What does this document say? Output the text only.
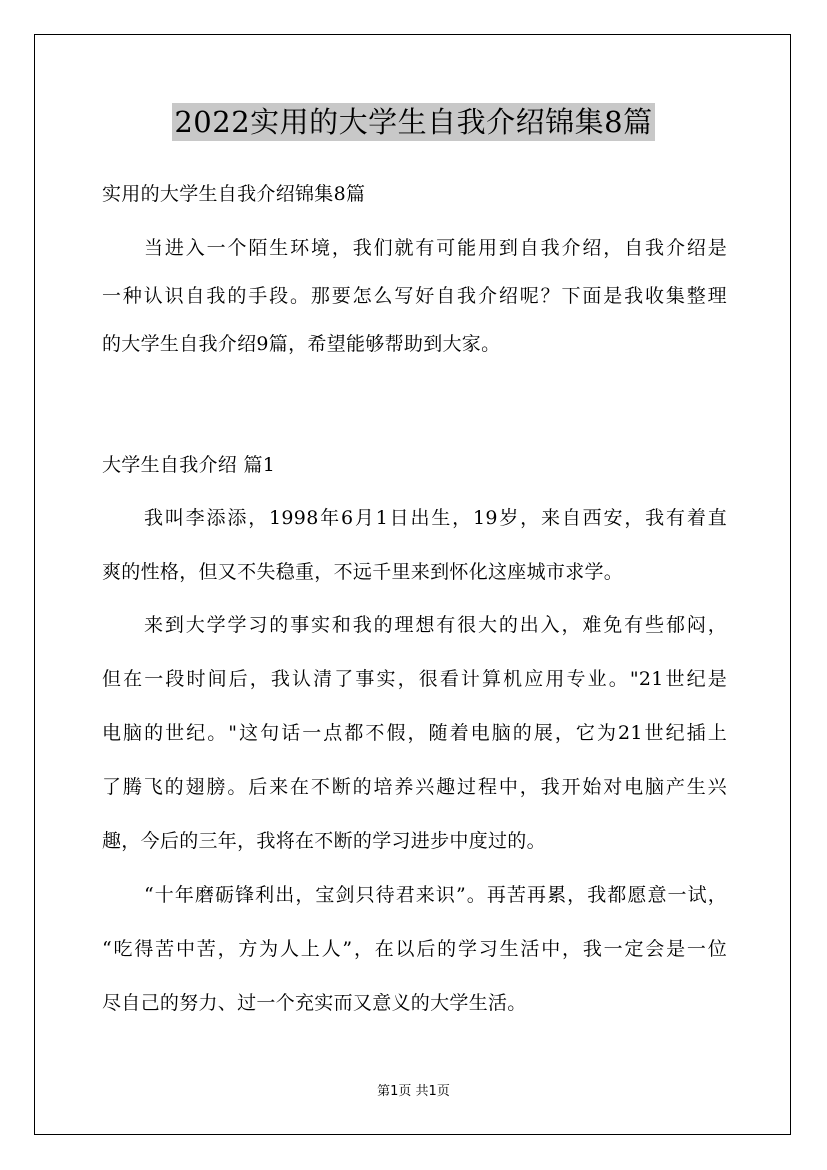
2022实用的大学生自我介绍锦集8篇
实用的大学生自我介绍锦集8篇
当进入一个陌生环境，我们就有可能用到自我介绍，自我介绍是
一种认识自我的手段。那要怎么写好自我介绍呢？下面是我收集整理
的大学生自我介绍9篇，希望能够帮助到大家。
大学生自我介绍 篇1
我叫李添添，1998年6月1日出生，19岁，来自西安，我有着直
爽的性格，但又不失稳重，不远千里来到怀化这座城市求学。
来到大学学习的事实和我的理想有很大的出入，难免有些郁闷，
但在一段时间后，我认清了事实，很看计算机应用专业。"21世纪是
电脑的世纪。"这句话一点都不假，随着电脑的展，它为21世纪插上
了腾飞的翅膀。后来在不断的培养兴趣过程中，我开始对电脑产生兴
趣，今后的三年，我将在不断的学习进步中度过的。
“十年磨砺锋利出，宝剑只待君来识”。再苦再累，我都愿意一试，
“吃得苦中苦，方为人上人”，在以后的学习生活中，我一定会是一位
尽自己的努力、过一个充实而又意义的大学生活。
第1页 共1页
